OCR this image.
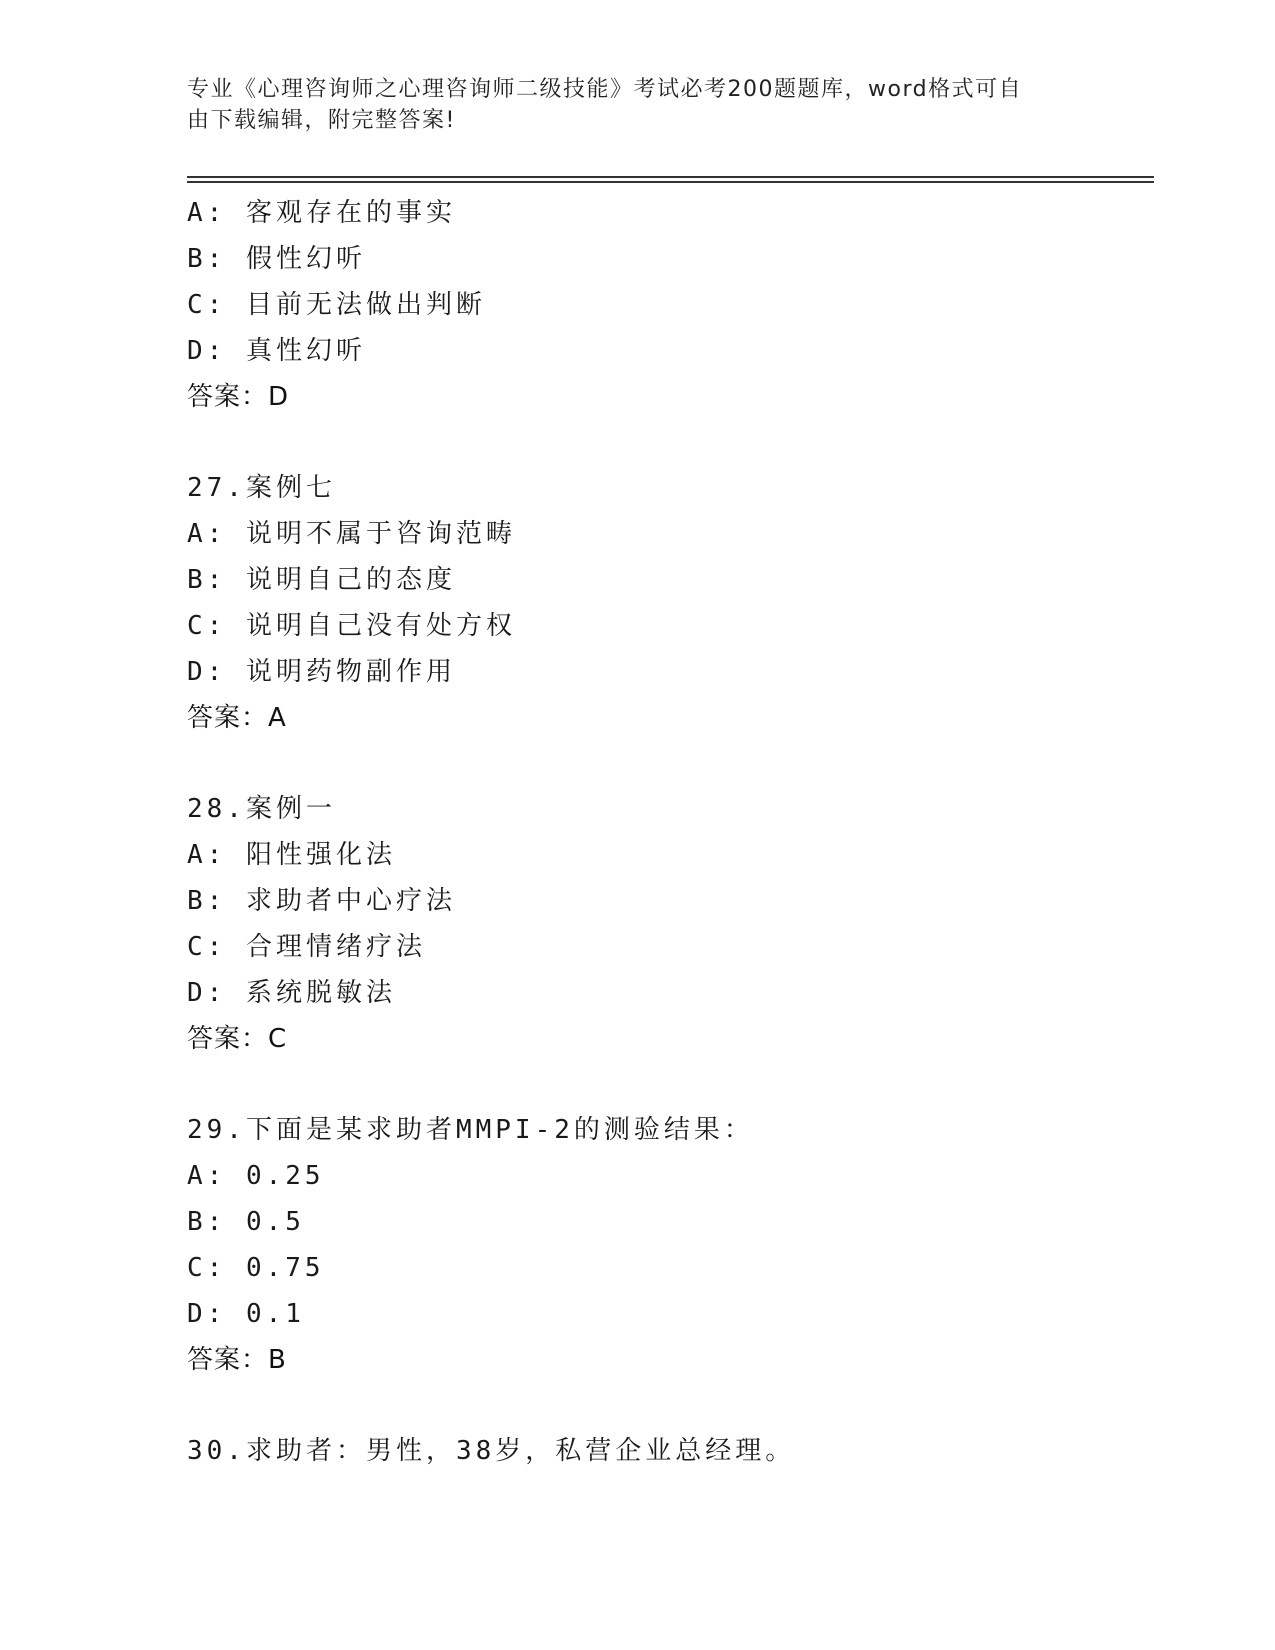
专业《心理咨询师之心理咨询师二级技能》考试必考200题题库，word格式可自
由下载编辑，附完整答案!
A: 客观存在的事实
B: 假性幻听
C: 目前无法做出判断
D: 真性幻听
答案：D
27.案例七
A: 说明不属于咨询范畴
B: 说明自己的态度
C: 说明自己没有处方权
D: 说明药物副作用
答案：A
28.案例一
A: 阳性强化法
B: 求助者中心疗法
C: 合理情绪疗法
D: 系统脱敏法
答案：C
29.下面是某求助者MMPI-2的测验结果：
A: 0.25
B: 0.5
C: 0.75
D: 0.1
答案：B
30.求助者：男性，38岁，私营企业总经理。
